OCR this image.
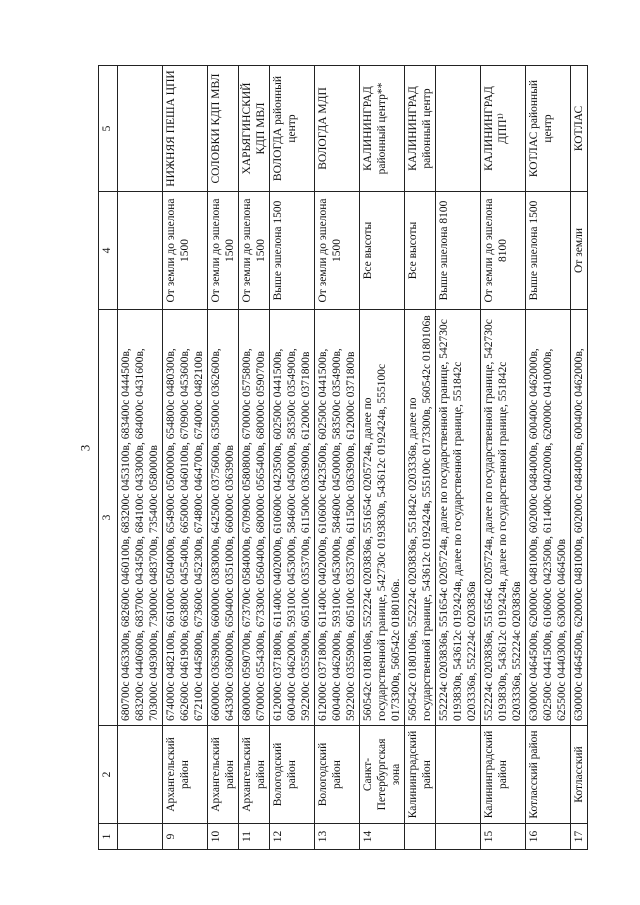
3
1	2	3	4	5
		680700с 0463300в, 682600с 0460100в, 683200с 0453100в, 683400с 0444500в, 683200с 0440600в, 683700с 0434500в, 684100с 0433000в, 684000с 0431600в, 703000с 0493000в, 730000с 0483700в, 735400с 0580000в		
9	Архангельский район	674000с 0482100в, 661000с 0504000в, 654900с 0500000в, 654800с 0480300в, 662600с 0461900в, 663800с 0455400в, 665000с 0460100в, 670900с 0453600в, 672100с 0445800в, 673600с 0452300в, 674800с 0464700в, 674000с 0482100в	От земли до эшелона 1500	НИЖНЯЯ ПЕША ЦПИ
10	Архангельский район	660000с 0363900в, 660000с 0383000в, 642500с 0375600в, 635000с 0362600в, 643300с 0360000в, 650400с 0351000в, 660000с 0363900в	От земли до эшелона 1500	СОЛОВКИ КДП МВЛ
11	Архангельский район	680000с 0590700в, 673700с 0584000в, 670900с 0580800в, 670000с 0575800в, 670000с 0554300в, 673300с 0560400в, 680000с 0565400в, 680000с 0590700в	От земли до эшелона 1500	ХАРЬЯГИНСКИЙ КДП МВЛ
12	Вологодский район	612000с 0371800в, 611400с 0402000в, 610600с 0423500в, 602500с 0441500в, 600400с 0462000в, 593100с 0453000в, 584600с 0450000в, 583500с 0354900в, 592200с 0355900в, 605100с 0353700в, 611500с 0363900в, 612000с 0371800в	Выше эшелона 1500	ВОЛОГДА районный центр
13	Вологодский район	612000с 0371800в, 611400с 0402000в, 610600с 0423500в, 602500с 0441500в, 600400с 0462000в, 593100с 0453000в, 584600с 0450000в, 583500с 0354900в, 592200с 0355900в, 605100с 0353700в, 611500с 0363900в, 612000с 0371800в	От земли до эшелона 1500	ВОЛОГДА МДП
14	Санкт-Петербургская зона	560542с 0180106в, 552224с 0203836в, 551654с 0205724в, далее по государственной границе, 542730с 0193830в, 543612с 0192424в, 555100с 0173300в, 560542с 0180106в.	Все высоты	КАЛИНИНГРАД районный центр**
	Калининградский район	560542с 0180106в, 552224с 0203836в, 551842с 0203336в, далее по государственной границе, 543612с 0192424в, 555100с 0173300в, 560542с 0180106в	Все высоты	КАЛИНИНГРАД районный центр
		552224с 0203836в, 551654с 0205724в, далее по государственной границе, 542730с 0193830в, 543612с 0192424в, далее по государственной границе, 551842с 0203336в, 552224с 0203836в	Выше эшелона 8100	
15	Калининградский район	552224с 0203836в, 551654с 0205724в, далее по государственной границе, 542730с 0193830в, 543612с 0192424в, далее по государственной границе, 551842с 0203336в, 552224с 0203836в	От земли до эшелона 8100	КАЛИНИНГРАД ДПП¹⁾
16	Котласский район	630000с 0464500в, 620000с 0481000в, 602000с 0484000в, 600400с 0462000в, 602500с 0441500в, 610600с 0423500в, 611400с 0402000в, 620000с 0410000в, 625500с 0440300в, 630000с 0464500в	Выше эшелона 1500	КОТЛАС районный центр
17	Котласский	630000с 0464500в, 620000с 0481000в, 602000с 0484000в, 600400с 0462000в,	От земли	КОТЛАС
